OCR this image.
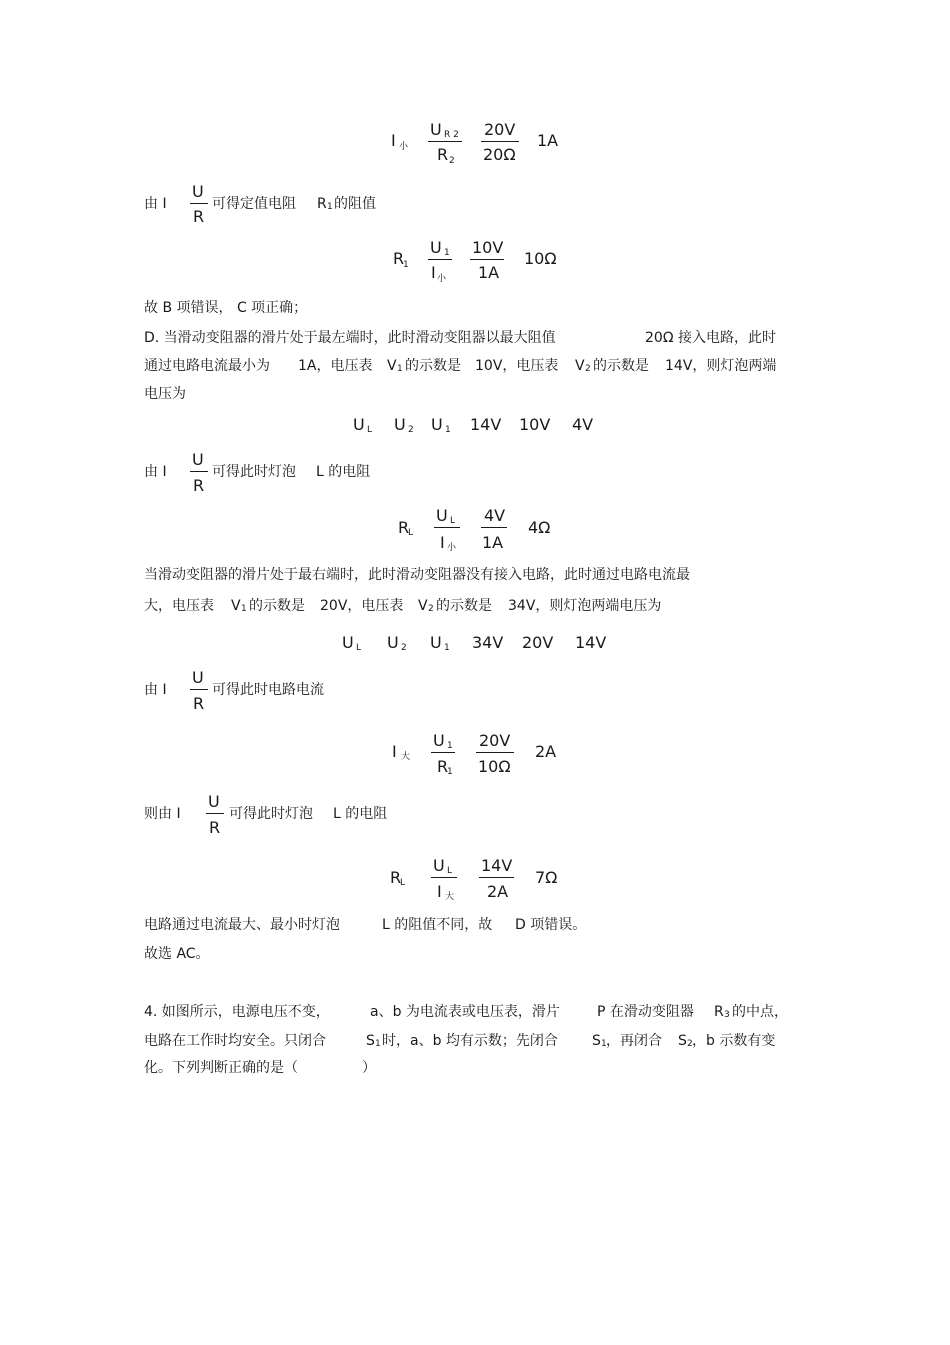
I 小
U R 2
R 2
20V
20Ω
1A
由 I
U
R
可得定值电阻 R 1 的阻值
R
1
U 1
I 小
10V
1A
10Ω
故 B 项错误， C 项正确；
D. 当滑动变阻器的滑片处于最左端时，此时滑动变阻器以最大阻值	20Ω 接入电路，此时
通过电路电流最小为 1A，电压表 V 1 的示数是 10V，电压表 V 2 的示数是 14V，则灯泡两端
电压为
U L U 2 U 1 14V 10V 4V
由 I
U
R
可得此时灯泡 L 的电阻
R
L
U L
I 小
4V
1A
4Ω
当滑动变阻器的滑片处于最右端时，此时滑动变阻器没有接入电路，此时通过电路电流最
大，电压表 V 1 的示数是 20V，电压表 V 2 的示数是 34V，则灯泡两端电压为
U L U 2 U 1 34V 20V 14V
由 I
U
R
可得此时电路电流
I 大
U 1
R
1
20V
10Ω
2A
则由 I
U
R
可得此时灯泡 L 的电阻
R
L
U L
I 大
14V
2A
7Ω
电路通过电流最大、最小时灯泡	L 的阻值不同，故 D 项错误。
故选 AC。
4. 如图所示，电源电压不变，	a、b 为电流表或电压表，滑片	P 在滑动变阻器 R 3 的中点，
电路在工作时均安全。只闭合	S 1 时，a、b 均有示数；先闭合 S 1 ，再闭合 S 2 ，b 示数有变
化。下列判断正确的是（	）
